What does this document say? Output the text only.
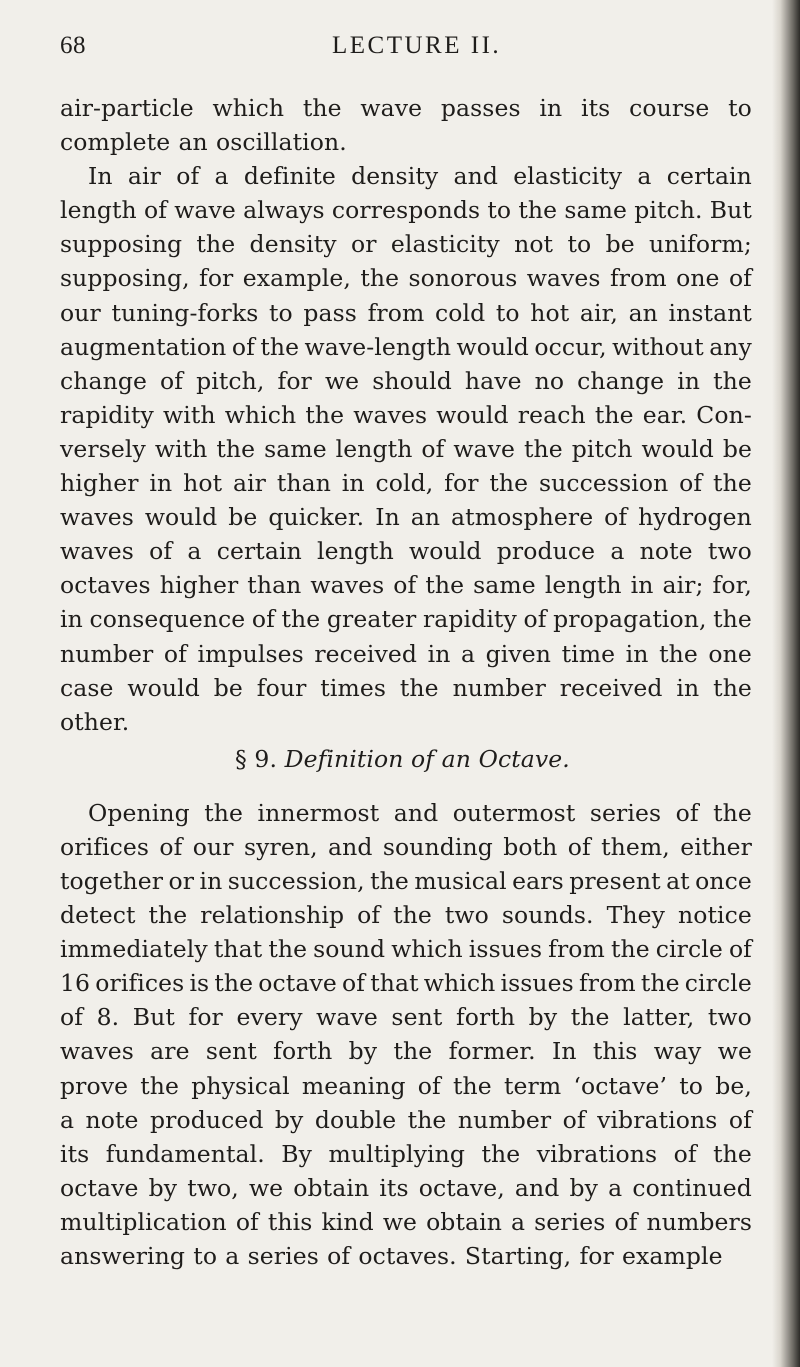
68	LECTURE II.
air-particle which the wave passes in its course to
complete an oscillation.
In air of a definite density and elasticity a certain
length of wave always corresponds to the same pitch. But
supposing the density or elasticity not to be uniform;
supposing, for example, the sonorous waves from one of
our tuning-forks to pass from cold to hot air, an instant
augmentation of the wave-length would occur, without any
change of pitch, for we should have no change in the
rapidity with which the waves would reach the ear. Con-
versely with the same length of wave the pitch would be
higher in hot air than in cold, for the succession of the
waves would be quicker. In an atmosphere of hydrogen
waves of a certain length would produce a note two
octaves higher than waves of the same length in air; for,
in consequence of the greater rapidity of propagation, the
number of impulses received in a given time in the one
case would be four times the number received in the
other.
§ 9. Definition of an Octave.
Opening the innermost and outermost series of the
orifices of our syren, and sounding both of them, either
together or in succession, the musical ears present at once
detect the relationship of the two sounds. They notice
immediately that the sound which issues from the circle of
16 orifices is the octave of that which issues from the circle
of 8. But for every wave sent forth by the latter, two
waves are sent forth by the former. In this way we
prove the physical meaning of the term ‘octave’ to be,
a note produced by double the number of vibrations of
its fundamental. By multiplying the vibrations of the
octave by two, we obtain its octave, and by a continued
multiplication of this kind we obtain a series of numbers
answering to a series of octaves. Starting, for example
